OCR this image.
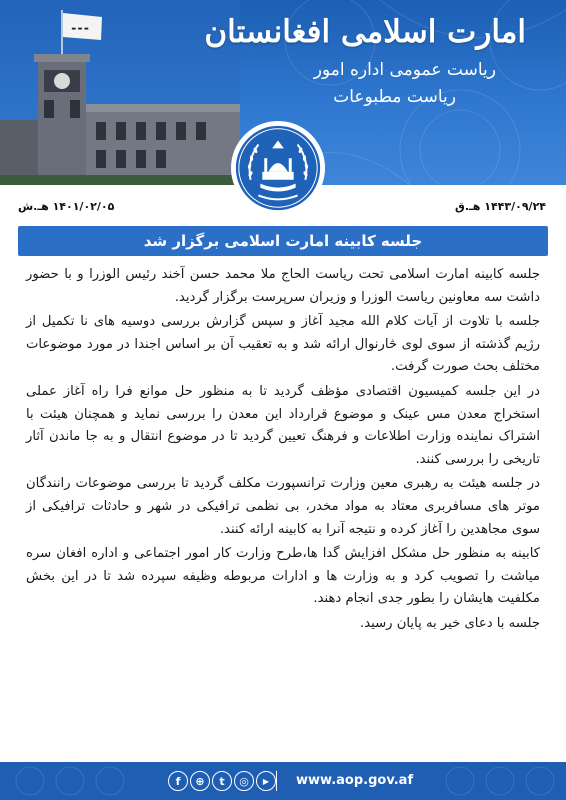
▬ ▬ ▬	امارت اسلامی افغانستان
ریاست عمومی اداره امور
ریاست مطبوعات
۱۴۰۱/۰۲/۰۵ هـ.ش	۱۴۴۳/۰۹/۲۴ هـ.ق
جلسه کابینه امارت اسلامی برگزار شد

جلسه کابینه امارت اسلامی تحت ریاست الحاج ملا محمد حسن آخند رئیس الوزرا و با حضور داشت سه معاونین ریاست الوزرا و وزیران سرپرست برگزار گردید.

جلسه با تلاوت از آیات کلام الله مجید آغاز و سپس گزارش بررسی دوسیه های نا تکمیل از رژیم گذشته از سوی لوی څارنوال ارائه شد و به تعقیب آن بر اساس اجندا در مورد موضوعات مختلف بحث صورت گرفت.

در این جلسه کمیسیون اقتصادی مؤظف گردید تا به منظور حل موانع فرا راه آغاز عملی استخراج معدن مس عینک و موضوع قرارداد این معدن را بررسی نماید و همچنان هیئت با اشتراک نماینده وزارت اطلاعات و فرهنگ تعیین گردید تا در موضوع انتقال و به جا ماندن آثار تاریخی را بررسی کنند.

در جلسه هیئت به رهبری معین وزارت ترانسپورت مکلف گردید تا بررسی موضوعات رانندگان موتر های مسافربری معتاد به مواد مخدر، بی نظمی ترافیکی در شهر و حادثات ترافیکی از سوی مجاهدین را آغاز کرده و نتیجه آنرا به کابینه ارائه کنند.

کابینه به منظور حل مشکل افزایش گدا ها،طرح وزارت کار امور اجتماعی و اداره افغان سره میاشت را تصویب کرد و به وزارت ها و ادارات مربوطه وظیفه سپرده شد تا در این بخش مکلفیت هایشان را بطور جدی انجام دهند.

جلسه با دعای خیر به پایان رسید.

f	⊕	t	◎	▶	www.aop.gov.af
